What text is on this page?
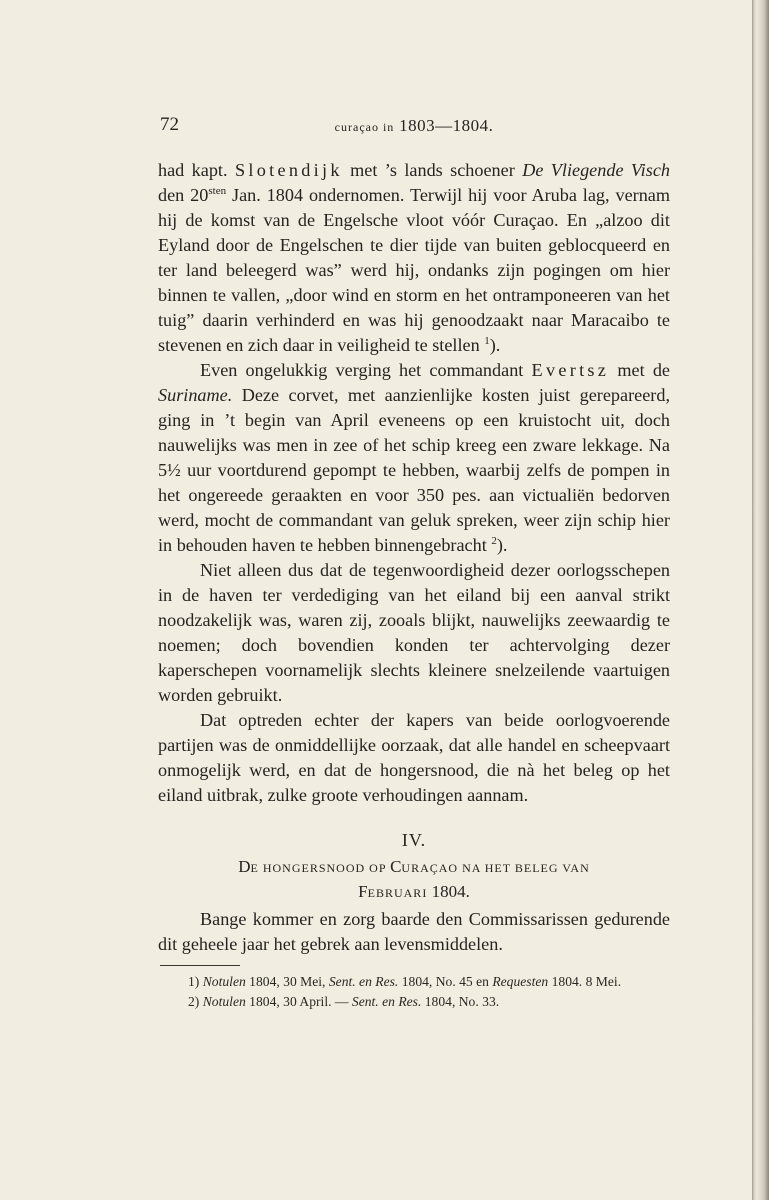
72	curaçao in 1803—1804.

had kapt. Slotendijk met ’s lands schoener De Vliegende Visch den $20^{sten}$ Jan. 1804 ondernomen. Terwijl hij voor Aruba lag, vernam hij de komst van de Engelsche vloot vóór Curaçao. En „alzoo dit Eyland door de Engelschen te dier tijde van buiten geblocqueerd en ter land beleegerd was” werd hij, ondanks zijn pogingen om hier binnen te vallen, „door wind en storm en het ontramponeeren van het tuig” daarin verhinderd en was hij genoodzaakt naar Maracaibo te stevenen en zich daar in veiligheid te stellen $^1$).

Even ongelukkig verging het commandant Evertsz met de Suriname. Deze corvet, met aanzienlijke kosten juist gerepareerd, ging in ’t begin van April eveneens op een kruistocht uit, doch nauwelijks was men in zee of het schip kreeg een zware lekkage. Na 5½ uur voortdurend gepompt te hebben, waarbij zelfs de pompen in het ongereede geraakten en voor 350 pes. aan victualiën bedorven werd, mocht de commandant van geluk spreken, weer zijn schip hier in behouden haven te hebben binnengebracht $^2$).

Niet alleen dus dat de tegenwoordigheid dezer oorlogsschepen in de haven ter verdediging van het eiland bij een aanval strikt noodzakelijk was, waren zij, zooals blijkt, nauwelijks zeewaardig te noemen; doch bovendien konden ter achtervolging dezer kaperschepen voornamelijk slechts kleinere snelzeilende vaartuigen worden gebruikt.

Dat optreden echter der kapers van beide oorlogvoerende partijen was de onmiddellijke oorzaak, dat alle handel en scheepvaart onmogelijk werd, en dat de hongersnood, die nà het beleg op het eiland uitbrak, zulke groote verhoudingen aannam.

IV.
DE HONGERSNOOD OP CURAÇAO NA HET BELEG VAN
FEBRUARI 1804.

Bange kommer en zorg baarde den Commissarissen gedurende dit geheele jaar het gebrek aan levensmiddelen.

1) Notulen 1804, 30 Mei, Sent. en Res. 1804, No. 45 en Requesten 1804. 8 Mei.
2) Notulen 1804, 30 April. — Sent. en Res. 1804, No. 33.
